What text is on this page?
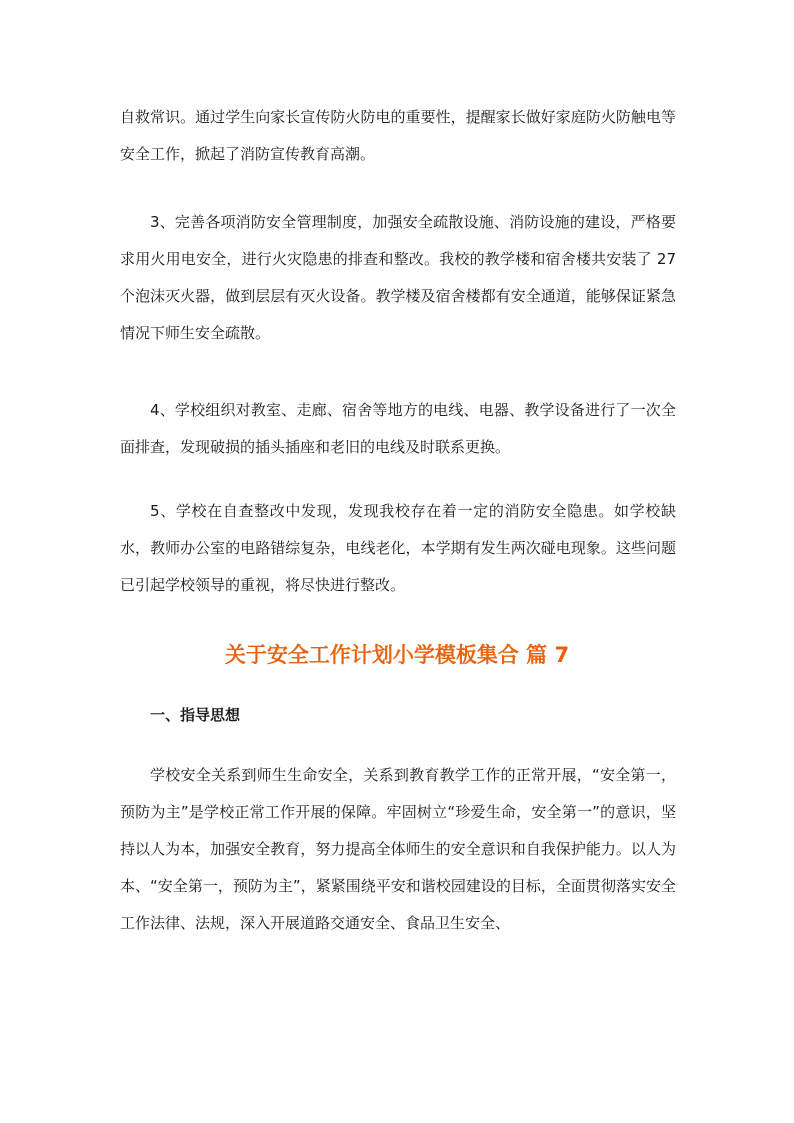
自救常识。通过学生向家长宣传防火防电的重要性，提醒家长做好家庭防火防触电等安全工作，掀起了消防宣传教育高潮。

3、完善各项消防安全管理制度，加强安全疏散设施、消防设施的建设，严格要求用火用电安全，进行火灾隐患的排查和整改。我校的教学楼和宿舍楼共安装了 27 个泡沫灭火器，做到层层有灭火设备。教学楼及宿舍楼都有安全通道，能够保证紧急情况下师生安全疏散。

4、学校组织对教室、走廊、宿舍等地方的电线、电器、教学设备进行了一次全面排查，发现破损的插头插座和老旧的电线及时联系更换。

5、学校在自查整改中发现，发现我校存在着一定的消防安全隐患。如学校缺水，教师办公室的电路错综复杂，电线老化，本学期有发生两次碰电现象。这些问题已引起学校领导的重视，将尽快进行整改。

关于安全工作计划小学模板集合 篇 7
一、指导思想

学校安全关系到师生生命安全，关系到教育教学工作的正常开展，“安全第一，预防为主”是学校正常工作开展的保障。牢固树立“珍爱生命，安全第一”的意识，坚持以人为本，加强安全教育，努力提高全体师生的安全意识和自我保护能力。以人为本、“安全第一，预防为主”，紧紧围绕平安和谐校园建设的目标，全面贯彻落实安全工作法律、法规，深入开展道路交通安全、食品卫生安全、
